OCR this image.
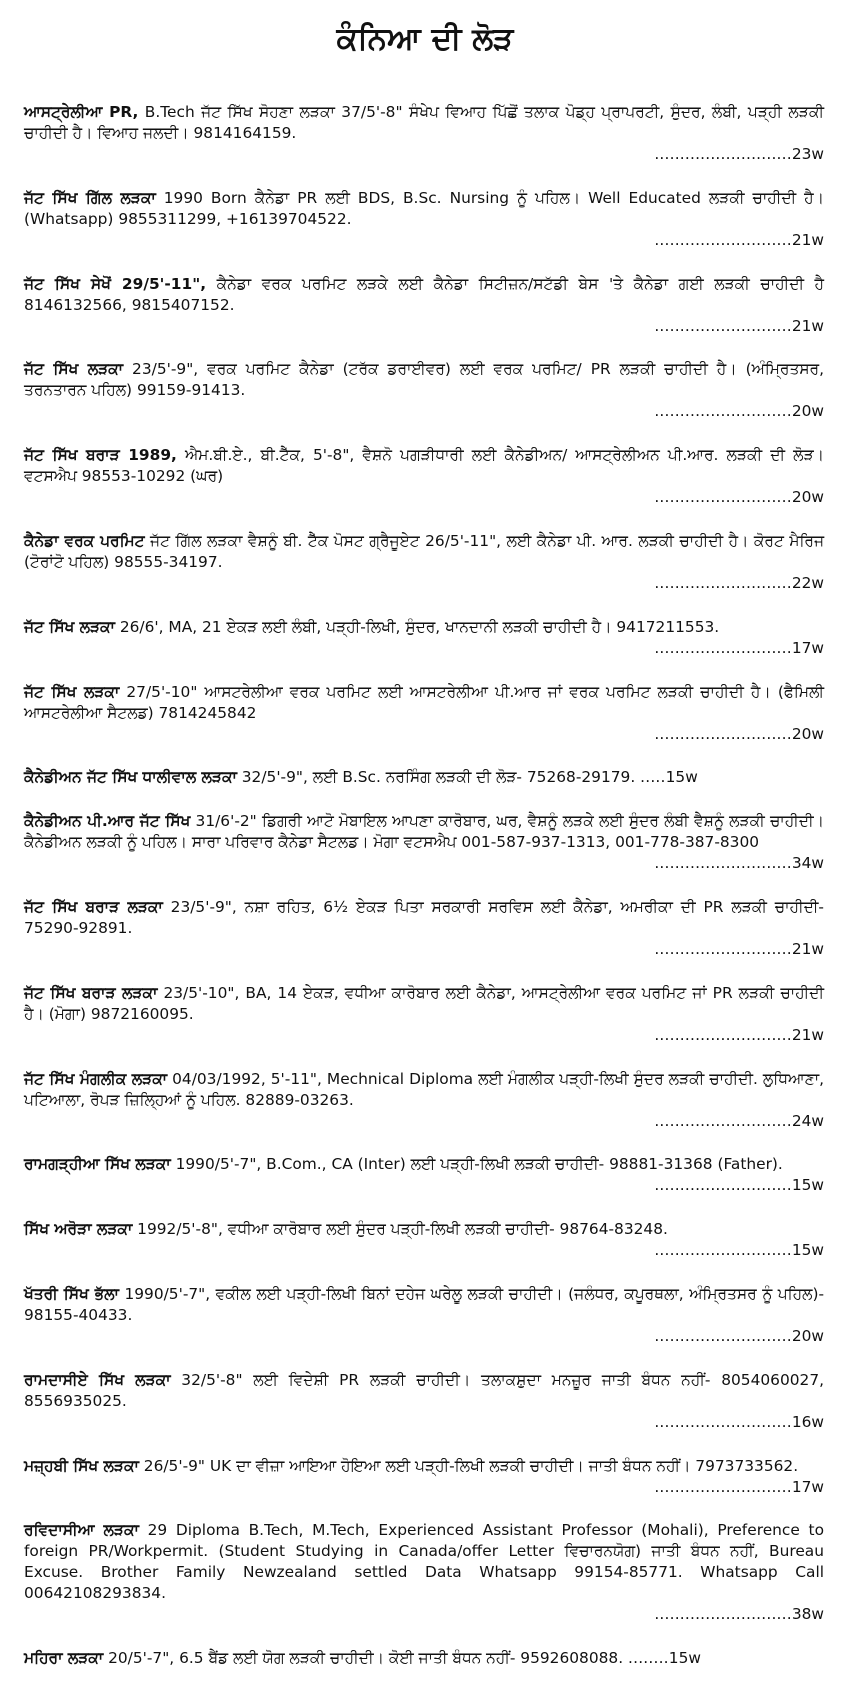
ਕੰਨਿਆ ਦੀ ਲੋੜ
ਆਸਟ੍ਰੇਲੀਆ PR, B.Tech ਜੱਟ ਸਿੱਖ ਸੋਹਣਾ ਲੜਕਾ 37/5'-8" ਸੰਖੇਪ ਵਿਆਹ ਪਿੱਛੋਂ ਤਲਾਕ ਪੋਡ੍ਹ ਪ੍ਰਾਪਰਟੀ, ਸੁੰਦਰ, ਲੰਬੀ, ਪੜ੍ਹੀ ਲੜਕੀ ਚਾਹੀਦੀ ਹੈ। ਵਿਆਹ ਜਲਦੀ। 9814164159.
...........................23w
ਜੱਟ ਸਿੱਖ ਗਿੱਲ ਲੜਕਾ 1990 Born ਕੈਨੇਡਾ PR ਲਈ BDS, B.Sc. Nursing ਨੂੰ ਪਹਿਲ। Well Educated ਲੜਕੀ ਚਾਹੀਦੀ ਹੈ। (Whatsapp) 9855311299, +16139704522.
...........................21w
ਜੱਟ ਸਿੱਖ ਸੇਖੋਂ 29/5'-11", ਕੈਨੇਡਾ ਵਰਕ ਪਰਮਿਟ ਲੜਕੇ ਲਈ ਕੈਨੇਡਾ ਸਿਟੀਜ਼ਨ/ਸਟੱਡੀ ਬੇਸ 'ਤੇ ਕੈਨੇਡਾ ਗਈ ਲੜਕੀ ਚਾਹੀਦੀ ਹੈ 8146132566, 9815407152.
...........................21w
ਜੱਟ ਸਿੱਖ ਲੜਕਾ 23/5'-9", ਵਰਕ ਪਰਮਿਟ ਕੈਨੇਡਾ (ਟਰੱਕ ਡਰਾਈਵਰ) ਲਈ ਵਰਕ ਪਰਮਿਟ/ PR ਲੜਕੀ ਚਾਹੀਦੀ ਹੈ। (ਅੰਮ੍ਰਿਤਸਰ, ਤਰਨਤਾਰਨ ਪਹਿਲ) 99159-91413.
...........................20w
ਜੱਟ ਸਿੱਖ ਬਰਾੜ 1989, ਐਮ.ਬੀ.ਏ., ਬੀ.ਟੈੱਕ, 5'-8", ਵੈਸ਼ਨੋ ਪਗੜੀਧਾਰੀ ਲਈ ਕੈਨੇਡੀਅਨ/ ਆਸਟ੍ਰੇਲੀਅਨ ਪੀ.ਆਰ. ਲੜਕੀ ਦੀ ਲੋੜ। ਵਟਸਐਪ 98553-10292 (ਘਰ)
...........................20w
ਕੈਨੇਡਾ ਵਰਕ ਪਰਮਿਟ ਜੱਟ ਗਿੱਲ ਲੜਕਾ ਵੈਸ਼ਨੂੰ ਬੀ. ਟੈੱਕ ਪੋਸਟ ਗ੍ਰੈਜੂਏਟ 26/5'-11", ਲਈ ਕੈਨੇਡਾ ਪੀ. ਆਰ. ਲੜਕੀ ਚਾਹੀਦੀ ਹੈ। ਕੋਰਟ ਮੈਰਿਜ (ਟੋਰਾਂਟੋ ਪਹਿਲ) 98555-34197.
...........................22w
ਜੱਟ ਸਿੱਖ ਲੜਕਾ 26/6', MA, 21 ਏਕੜ ਲਈ ਲੰਬੀ, ਪੜ੍ਹੀ-ਲਿਖੀ, ਸੁੰਦਰ, ਖਾਨਦਾਨੀ ਲੜਕੀ ਚਾਹੀਦੀ ਹੈ। 9417211553.
...........................17w
ਜੱਟ ਸਿੱਖ ਲੜਕਾ 27/5'-10" ਆਸਟਰੇਲੀਆ ਵਰਕ ਪਰਮਿਟ ਲਈ ਆਸਟਰੇਲੀਆ ਪੀ.ਆਰ ਜਾਂ ਵਰਕ ਪਰਮਿਟ ਲੜਕੀ ਚਾਹੀਦੀ ਹੈ। (ਫੈਮਿਲੀ ਆਸਟਰੇਲੀਆ ਸੈਟਲਡ) 7814245842
...........................20w
ਕੈਨੇਡੀਅਨ ਜੱਟ ਸਿੱਖ ਧਾਲੀਵਾਲ ਲੜਕਾ 32/5'-9", ਲਈ B.Sc. ਨਰਸਿੰਗ ਲੜਕੀ ਦੀ ਲੋੜ- 75268-29179. .....15w
ਕੈਨੇਡੀਅਨ ਪੀ.ਆਰ ਜੱਟ ਸਿੱਖ 31/6'-2" ਡਿਗਰੀ ਆਟੋ ਮੋਬਾਇਲ ਆਪਣਾ ਕਾਰੋਬਾਰ, ਘਰ, ਵੈਸ਼ਨੂੰ ਲੜਕੇ ਲਈ ਸੁੰਦਰ ਲੰਬੀ ਵੈਸ਼ਨੂੰ ਲੜਕੀ ਚਾਹੀਦੀ। ਕੈਨੇਡੀਅਨ ਲੜਕੀ ਨੂੰ ਪਹਿਲ। ਸਾਰਾ ਪਰਿਵਾਰ ਕੈਨੇਡਾ ਸੈਟਲਡ। ਮੋਗਾ ਵਟਸਐਪ 001-587-937-1313, 001-778-387-8300
...........................34w
ਜੱਟ ਸਿੱਖ ਬਰਾੜ ਲੜਕਾ 23/5'-9", ਨਸ਼ਾ ਰਹਿਤ, 6½ ਏਕੜ ਪਿਤਾ ਸਰਕਾਰੀ ਸਰਵਿਸ ਲਈ ਕੈਨੇਡਾ, ਅਮਰੀਕਾ ਦੀ PR ਲੜਕੀ ਚਾਹੀਦੀ- 75290-92891.
...........................21w
ਜੱਟ ਸਿੱਖ ਬਰਾੜ ਲੜਕਾ 23/5'-10", BA, 14 ਏਕੜ, ਵਧੀਆ ਕਾਰੋਬਾਰ ਲਈ ਕੈਨੇਡਾ, ਆਸਟ੍ਰੇਲੀਆ ਵਰਕ ਪਰਮਿਟ ਜਾਂ PR ਲੜਕੀ ਚਾਹੀਦੀ ਹੈ। (ਮੋਗਾ) 9872160095.
...........................21w
ਜੱਟ ਸਿੱਖ ਮੰਗਲੀਕ ਲੜਕਾ 04/03/1992, 5'-11", Mechnical Diploma ਲਈ ਮੰਗਲੀਕ ਪੜ੍ਹੀ-ਲਿਖੀ ਸੁੰਦਰ ਲੜਕੀ ਚਾਹੀਦੀ. ਲੁਧਿਆਣਾ, ਪਟਿਆਲਾ, ਰੋਪੜ ਜ਼ਿਲ੍ਹਿਆਂ ਨੂੰ ਪਹਿਲ. 82889-03263.
...........................24w
ਰਾਮਗੜ੍ਹੀਆ ਸਿੱਖ ਲੜਕਾ 1990/5'-7", B.Com., CA (Inter) ਲਈ ਪੜ੍ਹੀ-ਲਿਖੀ ਲੜਕੀ ਚਾਹੀਦੀ- 98881-31368 (Father).
...........................15w
ਸਿੱਖ ਅਰੋੜਾ ਲੜਕਾ 1992/5'-8", ਵਧੀਆ ਕਾਰੋਬਾਰ ਲਈ ਸੁੰਦਰ ਪੜ੍ਹੀ-ਲਿਖੀ ਲੜਕੀ ਚਾਹੀਦੀ- 98764-83248.
...........................15w
ਖੱਤਰੀ ਸਿੱਖ ਭੱਲਾ 1990/5'-7", ਵਕੀਲ ਲਈ ਪੜ੍ਹੀ-ਲਿਖੀ ਬਿਨਾਂ ਦਹੇਜ ਘਰੇਲੂ ਲੜਕੀ ਚਾਹੀਦੀ। (ਜਲੰਧਰ, ਕਪੂਰਥਲਾ, ਅੰਮ੍ਰਿਤਸਰ ਨੂੰ ਪਹਿਲ)- 98155-40433.
...........................20w
ਰਾਮਦਾਸੀਏ ਸਿੱਖ ਲੜਕਾ 32/5'-8" ਲਈ ਵਿਦੇਸ਼ੀ PR ਲੜਕੀ ਚਾਹੀਦੀ। ਤਲਾਕਸ਼ੁਦਾ ਮਨਜ਼ੂਰ ਜਾਤੀ ਬੰਧਨ ਨਹੀਂ- 8054060027, 8556935025.
...........................16w
ਮਜ਼੍ਹਬੀ ਸਿੱਖ ਲੜਕਾ 26/5'-9" UK ਦਾ ਵੀਜ਼ਾ ਆਇਆ ਹੋਇਆ ਲਈ ਪੜ੍ਹੀ-ਲਿਖੀ ਲੜਕੀ ਚਾਹੀਦੀ। ਜਾਤੀ ਬੰਧਨ ਨਹੀਂ। 7973733562.
...........................17w
ਰਵਿਦਾਸੀਆ ਲੜਕਾ 29 Diploma B.Tech, M.Tech, Experienced Assistant Professor (Mohali), Preference to foreign PR/Workpermit. (Student Studying in Canada/offer Letter ਵਿਚਾਰਨਯੋਗ) ਜਾਤੀ ਬੰਧਨ ਨਹੀਂ, Bureau Excuse. Brother Family Newzealand settled Data Whatsapp 99154-85771. Whatsapp Call 00642108293834.
...........................38w
ਮਹਿਰਾ ਲੜਕਾ 20/5'-7", 6.5 ਬੈਂਡ ਲਈ ਯੋਗ ਲੜਕੀ ਚਾਹੀਦੀ। ਕੋਈ ਜਾਤੀ ਬੰਧਨ ਨਹੀਂ- 9592608088. ........15w
